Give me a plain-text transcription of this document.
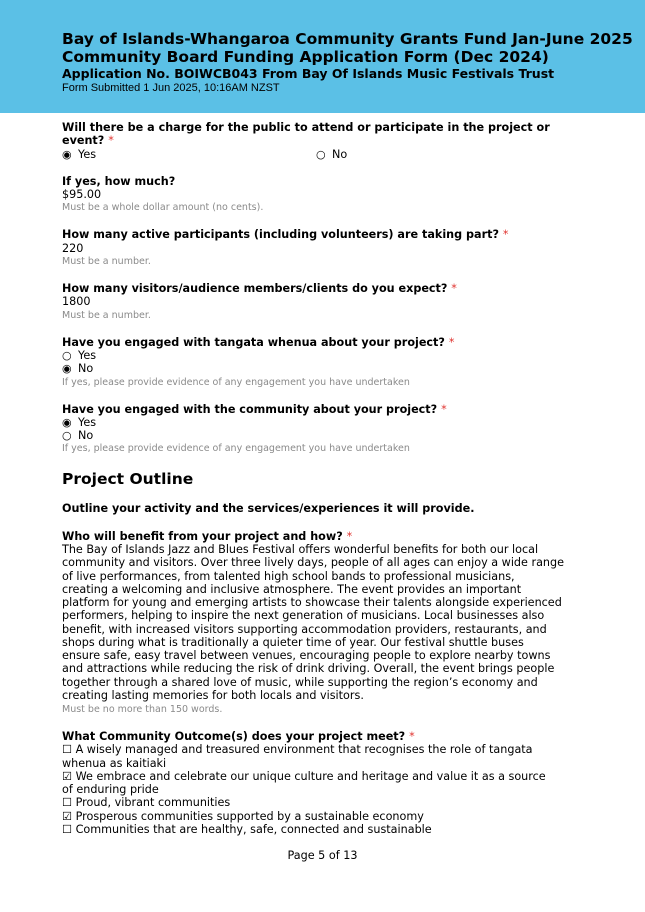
Bay of Islands-Whangaroa Community Grants Fund Jan-June 2025 Community Board Funding Application Form (Dec 2024)
Application No. BOIWCB043 From Bay Of Islands Music Festivals Trust
Form Submitted 1 Jun 2025, 10:16AM NZST
Will there be a charge for the public to attend or participate in the project or event? *
◉ Yes	○ No
If yes, how much?
$95.00
Must be a whole dollar amount (no cents).
How many active participants (including volunteers) are taking part? *
220
Must be a number.
How many visitors/audience members/clients do you expect? *
1800
Must be a number.
Have you engaged with tangata whenua about your project? *
○ Yes
◉ No
If yes, please provide evidence of any engagement you have undertaken
Have you engaged with the community about your project? *
◉ Yes
○ No
If yes, please provide evidence of any engagement you have undertaken
Project Outline
Outline your activity and the services/experiences it will provide.
Who will benefit from your project and how? *
The Bay of Islands Jazz and Blues Festival offers wonderful benefits for both our local community and visitors. Over three lively days, people of all ages can enjoy a wide range of live performances, from talented high school bands to professional musicians, creating a welcoming and inclusive atmosphere. The event provides an important platform for young and emerging artists to showcase their talents alongside experienced performers, helping to inspire the next generation of musicians. Local businesses also benefit, with increased visitors supporting accommodation providers, restaurants, and shops during what is traditionally a quieter time of year. Our festival shuttle buses ensure safe, easy travel between venues, encouraging people to explore nearby towns and attractions while reducing the risk of drink driving. Overall, the event brings people together through a shared love of music, while supporting the region’s economy and creating lasting memories for both locals and visitors.
Must be no more than 150 words.
What Community Outcome(s) does your project meet? *
☐ A wisely managed and treasured environment that recognises the role of tangata whenua as kaitiaki
☑ We embrace and celebrate our unique culture and heritage and value it as a source of enduring pride
☐ Proud, vibrant communities
☑ Prosperous communities supported by a sustainable economy
☐ Communities that are healthy, safe, connected and sustainable
Page 5 of 13
